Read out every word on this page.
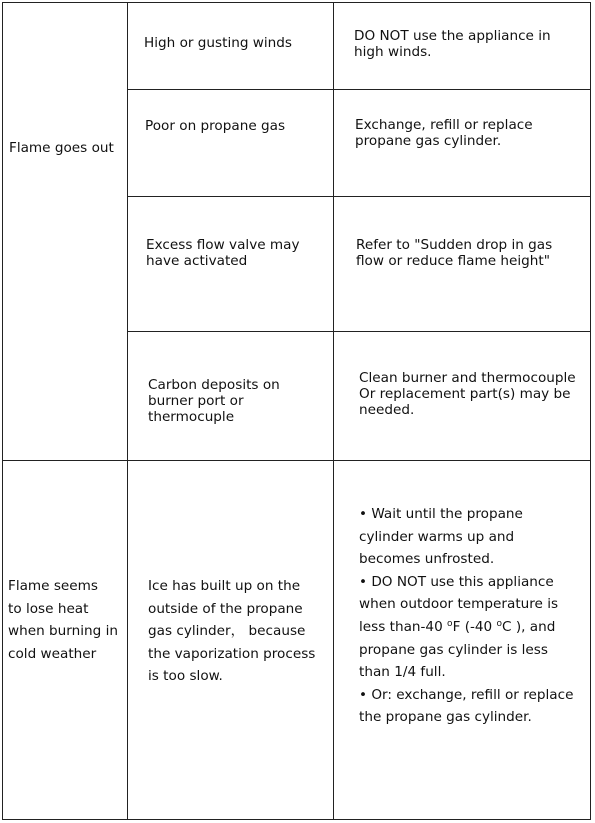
Flame goes out
High or gusting winds	DO NOT use the appliance in
high winds.
Poor on propane gas	Exchange, refill or replace
propane gas cylinder.
Excess flow valve may
have activated
Refer to "Sudden drop in gas
flow or reduce flame height"
Carbon deposits on
burner port or
thermocuple
Clean burner and thermocouple
Or replacement part(s) may be
needed.
Flame seems
to lose heat
when burning in
cold weather
Ice has built up on the
outside of the propane
gas cylinder， because
the vaporization process
is too slow.
• Wait until the propane
cylinder warms up and
becomes unfrosted.
• DO NOT use this appliance
when outdoor temperature is
less than-40 $^o$F (-40 $^o$C ), and
propane gas cylinder is less
than 1/4 full.
• Or: exchange, refill or replace
the propane gas cylinder.
